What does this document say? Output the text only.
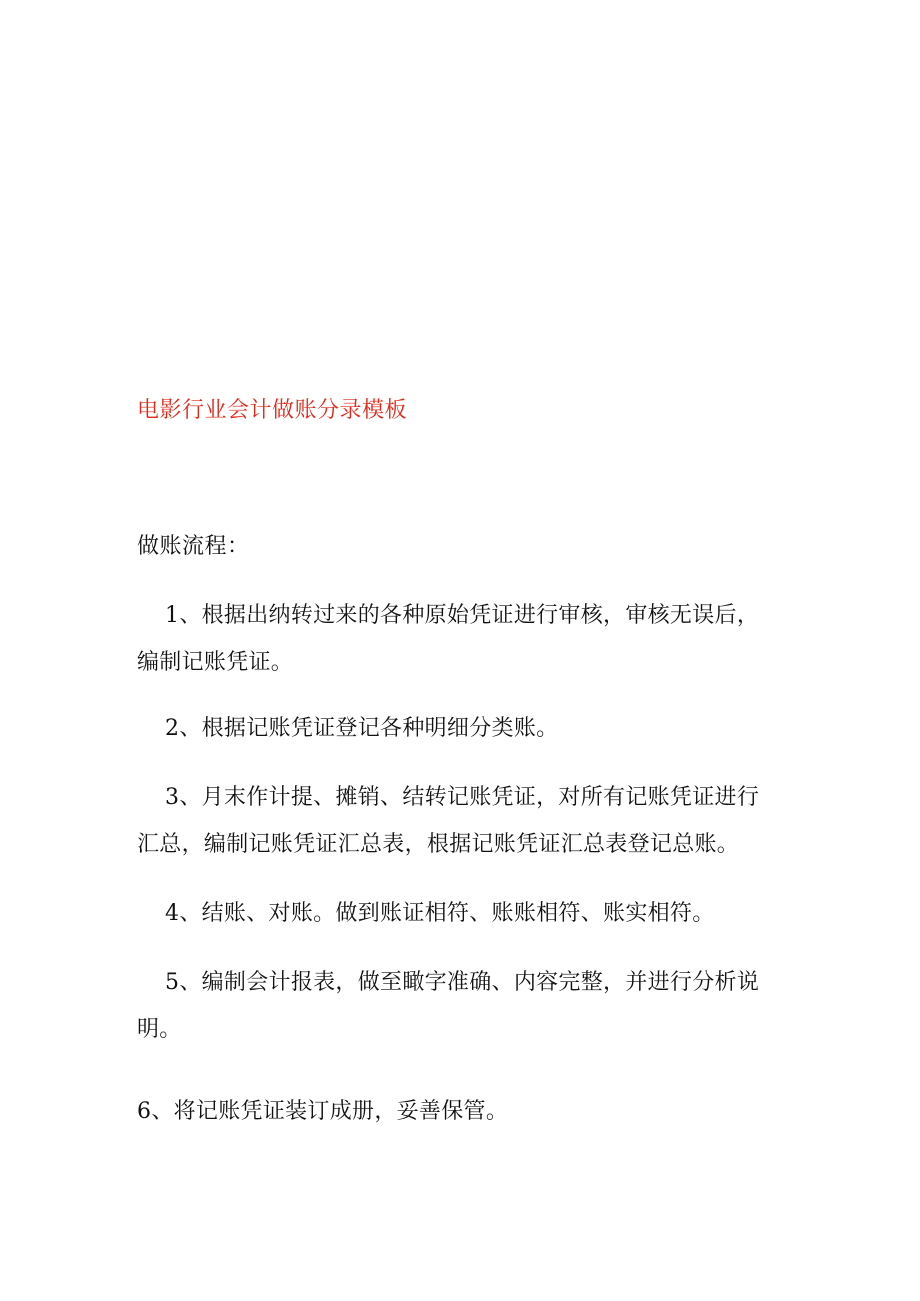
电影行业会计做账分录模板
做账流程：
1、根据出纳转过来的各种原始凭证进行审核，审核无误后，
编制记账凭证。
2、根据记账凭证登记各种明细分类账。
3、月末作计提、摊销、结转记账凭证，对所有记账凭证进行
汇总，编制记账凭证汇总表，根据记账凭证汇总表登记总账。
4、结账、对账。做到账证相符、账账相符、账实相符。
5、编制会计报表，做至瞰字准确、内容完整，并进行分析说
明。
6、将记账凭证装订成册，妥善保管。
